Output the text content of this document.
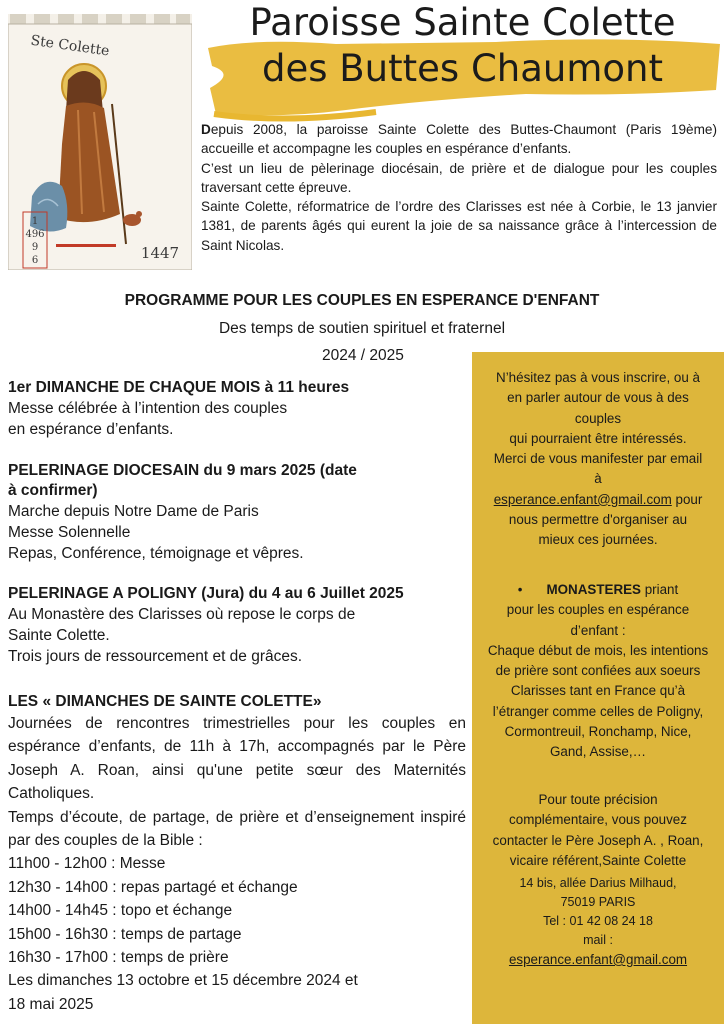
Ste Colette
1
496
9
6	1447
Paroisse Sainte Colette
des Buttes Chaumont

Depuis 2008, la paroisse Sainte Colette des Buttes-Chaumont (Paris 19ème) accueille et accompagne les couples en espérance d’enfants.

C’est un lieu de pèlerinage diocésain, de prière et de dialogue pour les couples traversant cette épreuve.

Sainte Colette, réformatrice de l’ordre des Clarisses est née à Corbie, le 13 janvier 1381, de parents âgés qui eurent la joie de sa naissance grâce à l’intercession de Saint Nicolas.

PROGRAMME POUR LES COUPLES EN ESPERANCE D'ENFANT
Des temps de soutien spirituel et fraternel
2024 / 2025
1er DIMANCHE DE CHAQUE MOIS à 11 heures
Messe célébrée à l’intention des couples
en espérance d’enfants.
PELERINAGE DIOCESAIN du 9 mars 2025 (date
à confirmer)
Marche depuis Notre Dame de Paris
Messe Solennelle
Repas, Conférence, témoignage et vêpres.
PELERINAGE A POLIGNY (Jura) du 4 au 6 Juillet 2025
Au Monastère des Clarisses où repose le corps de
Sainte Colette.
Trois jours de ressourcement et de grâces.
LES « DIMANCHES DE SAINTE COLETTE»
Journées de rencontres trimestrielles pour les couples en espérance d’enfants, de 11h à 17h, accompagnés par le Père Joseph A. Roan, ainsi qu'une petite sœur des Maternités Catholiques.
Temps d’écoute, de partage, de prière et d’enseignement inspiré par des couples de la Bible :
11h00 - 12h00 : Messe
12h30 - 14h00 : repas partagé et échange
14h00 - 14h45 : topo et échange
15h00 - 16h30 : temps de partage
16h30 - 17h00 : temps de prière
Les dimanches 13 octobre et 15 décembre 2024 et
18 mai 2025
N’hésitez pas à vous inscrire, ou à
en parler autour de vous à des
couples
qui pourraient être intéressés.
Merci de vous manifester par email
à
esperance.enfant@gmail.com pour
nous permettre d'organiser au
mieux ces journées.
• MONASTERES priant
pour les couples en espérance
d’enfant :
Chaque début de mois, les intentions
de prière sont confiées aux soeurs
Clarisses tant en France qu’à
l’étranger comme celles de Poligny,
Cormontreuil, Ronchamp, Nice,
Gand, Assise,…
Pour toute précision
complémentaire, vous pouvez
contacter le Père Joseph A. , Roan,
vicaire référent,Sainte Colette
14 bis, allée Darius Milhaud,
75019 PARIS
Tel : 01 42 08 24 18
mail :
esperance.enfant@gmail.com
